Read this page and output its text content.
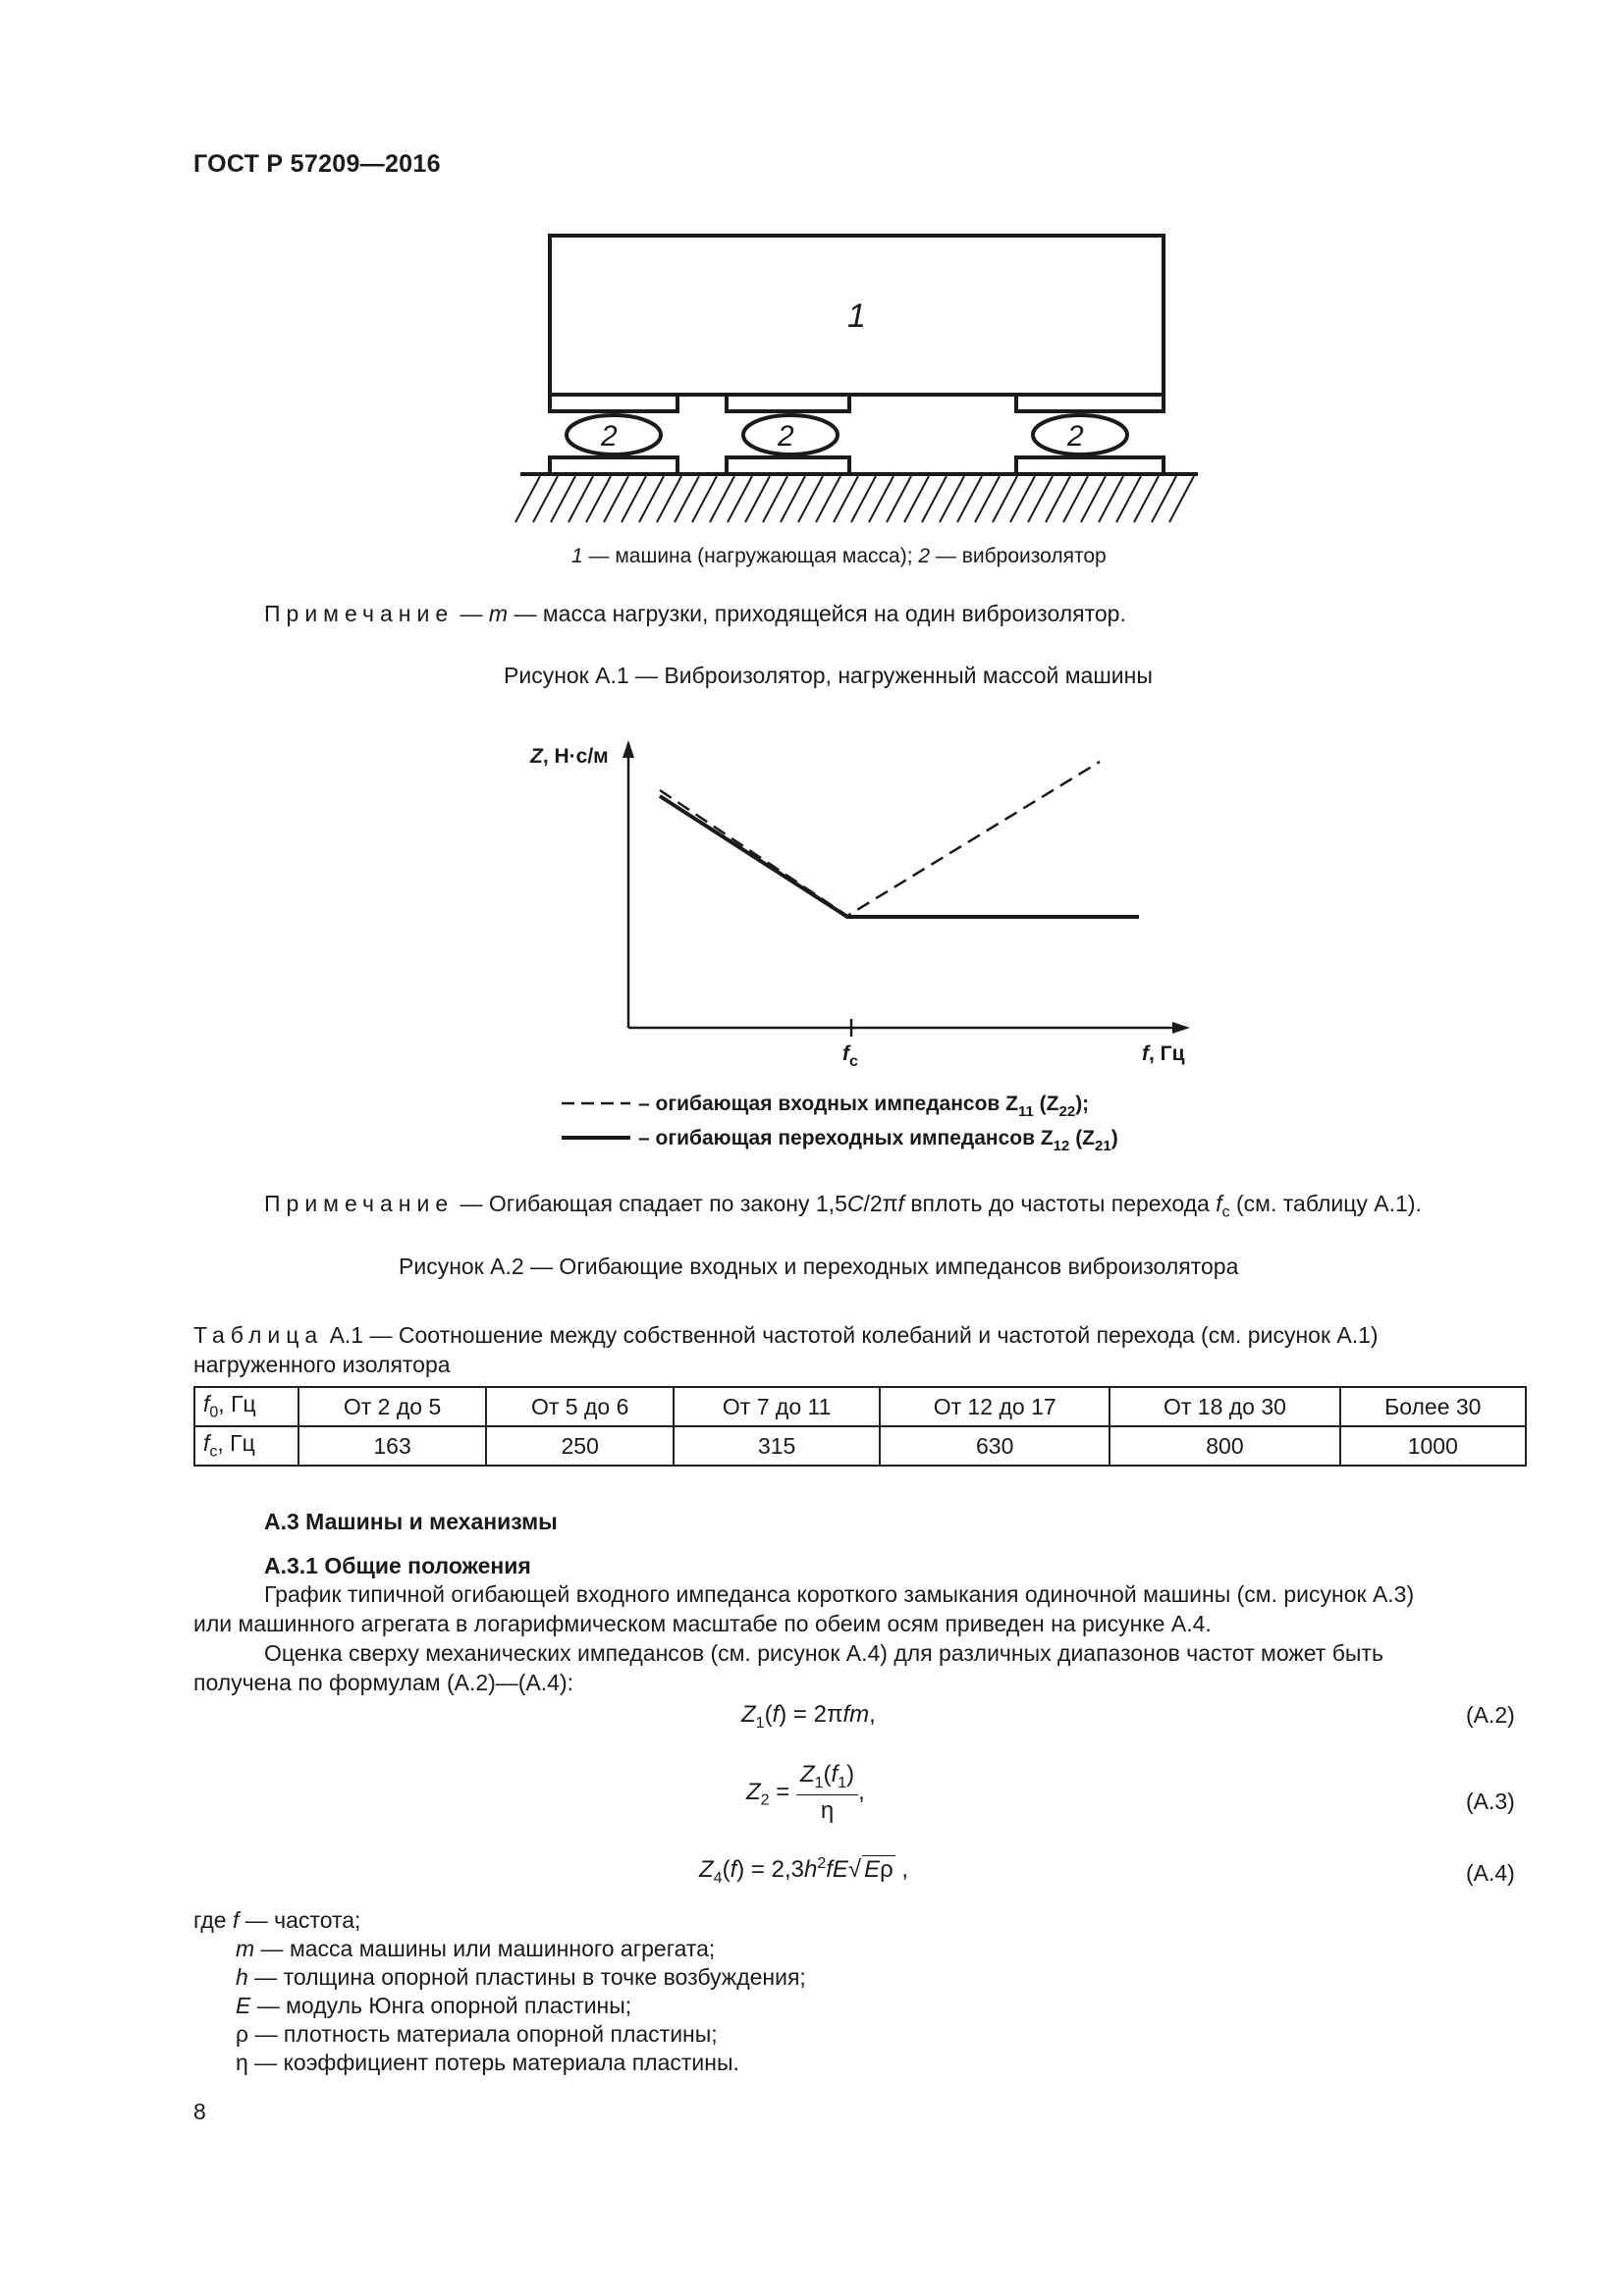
ГОСТ Р 57209—2016
1
2	2	2
1 — машина (нагружающая масса); 2 — виброизолятор
Примечание — m — масса нагрузки, приходящейся на один виброизолятор.
Рисунок А.1 — Виброизолятор, нагруженный массой машины
Z, Н·с/м
f, Гц
$f_c$
– огибающая входных импедансов $Z_{11}$ $(Z_{22})$;
– огибающая переходных импедансов $Z_{12}$ $(Z_{21})$
Примечание — Огибающая спадает по закону 1,5C/2πf вплоть до частоты перехода $f_c$ (см. таблицу А.1).
Рисунок А.2 — Огибающие входных и переходных импедансов виброизолятора
Таблица А.1 — Соотношение между собственной частотой колебаний и частотой перехода (см. рисунок А.1)
нагруженного изолятора
$f_0$, Гц	От 2 до 5	От 5 до 6	От 7 до 11	От 12 до 17	От 18 до 30	Более 30
$f_c$, Гц	163	250	315	630	800	1000
А.3 Машины и механизмы
А.3.1 Общие положения
График типичной огибающей входного импеданса короткого замыкания одиночной машины (см. рисунок А.3)
или машинного агрегата в логарифмическом масштабе по обеим осям приведен на рисунке А.4.
Оценка сверху механических импедансов (см. рисунок А.4) для различных диапазонов частот может быть
получена по формулам (А.2)—(А.4):
$Z_1(f) = 2\pi fm$,	(А.2)
$Z_2 = \frac{Z_1(f_1)}{\eta}$ ,	(А.3)
$Z_4(f) = 2,3h^2fE√$ Eρ ,	(А.4)
где f — частота;
m — масса машины или машинного агрегата;
h — толщина опорной пластины в точке возбуждения;
E — модуль Юнга опорной пластины;
ρ — плотность материала опорной пластины;
η — коэффициент потерь материала пластины.
8
